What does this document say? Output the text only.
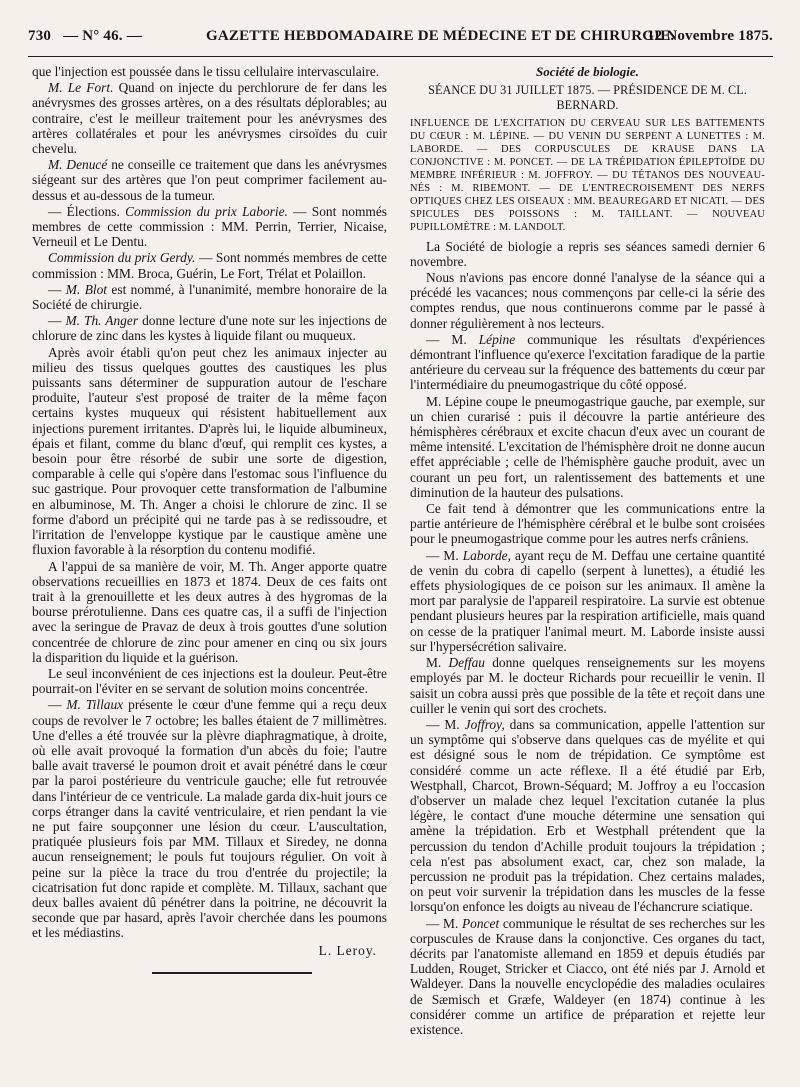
730 — N° 46. —	GAZETTE HEBDOMADAIRE DE MÉDECINE ET DE CHIRURGIE.
12 Novembre 1875.

que l'injection est poussée dans le tissu cellulaire intervasculaire.

M. Le Fort. Quand on injecte du perchlorure de fer dans les anévrysmes des grosses artères, on a des résultats déplorables; au contraire, c'est le meilleur traitement pour les anévrysmes des artères collatérales et pour les anévrysmes cirsoïdes du cuir chevelu.

M. Denucé ne conseille ce traitement que dans les anévrysmes siégeant sur des artères que l'on peut comprimer facilement au-dessus et au-dessous de la tumeur.

— Élections. Commission du prix Laborie. — Sont nommés membres de cette commission : MM. Perrin, Terrier, Nicaise, Verneuil et Le Dentu.

Commission du prix Gerdy. — Sont nommés membres de cette commission : MM. Broca, Guérin, Le Fort, Trélat et Polaillon.

— M. Blot est nommé, à l'unanimité, membre honoraire de la Société de chirurgie.

— M. Th. Anger donne lecture d'une note sur les injections de chlorure de zinc dans les kystes à liquide filant ou muqueux.

Après avoir établi qu'on peut chez les animaux injecter au milieu des tissus quelques gouttes des caustiques les plus puissants sans déterminer de suppuration autour de l'eschare produite, l'auteur s'est proposé de traiter de la même façon certains kystes muqueux qui résistent habituellement aux injections purement irritantes. D'après lui, le liquide albumineux, épais et filant, comme du blanc d'œuf, qui remplit ces kystes, a besoin pour être résorbé de subir une sorte de digestion, comparable à celle qui s'opère dans l'estomac sous l'influence du suc gastrique. Pour provoquer cette transformation de l'albumine en albuminose, M. Th. Anger a choisi le chlorure de zinc. Il se forme d'abord un précipité qui ne tarde pas à se redissoudre, et l'irritation de l'enveloppe kystique par le caustique amène une fluxion favorable à la résorption du contenu modifié.

A l'appui de sa manière de voir, M. Th. Anger apporte quatre observations recueillies en 1873 et 1874. Deux de ces faits ont trait à la grenouillette et les deux autres à des hygromas de la bourse prérotulienne. Dans ces quatre cas, il a suffi de l'injection avec la seringue de Pravaz de deux à trois gouttes d'une solution concentrée de chlorure de zinc pour amener en cinq ou six jours la disparition du liquide et la guérison.

Le seul inconvénient de ces injections est la douleur. Peut-être pourrait-on l'éviter en se servant de solution moins concentrée.

— M. Tillaux présente le cœur d'une femme qui a reçu deux coups de revolver le 7 octobre; les balles étaient de 7 millimètres. Une d'elles a été trouvée sur la plèvre diaphragmatique, à droite, où elle avait provoqué la formation d'un abcès du foie; l'autre balle avait traversé le poumon droit et avait pénétré dans le cœur par la paroi postérieure du ventricule gauche; elle fut retrouvée dans l'intérieur de ce ventricule. La malade garda dix-huit jours ce corps étranger dans la cavité ventriculaire, et rien pendant la vie ne put faire soupçonner une lésion du cœur. L'auscultation, pratiquée plusieurs fois par MM. Tillaux et Siredey, ne donna aucun renseignement; le pouls fut toujours régulier. On voit à peine sur la pièce la trace du trou d'entrée du projectile; la cicatrisation fut donc rapide et complète. M. Tillaux, sachant que deux balles avaient dû pénétrer dans la poitrine, ne découvrit la seconde que par hasard, après l'avoir cherchée dans les poumons et les médiastins.

L. Leroy.
Société de biologie.
SÉANCE DU 31 JUILLET 1875. — PRÉSIDENCE DE M. CL. BERNARD.
INFLUENCE DE L'EXCITATION DU CERVEAU SUR LES BATTEMENTS DU CŒUR : M. LÉPINE. — DU VENIN DU SERPENT A LUNETTES : M. LABORDE. — DES CORPUSCULES DE KRAUSE DANS LA CONJONCTIVE : M. PONCET. — DE LA TRÉPIDATION ÉPILEPTOÏDE DU MEMBRE INFÉRIEUR : M. JOFFROY. — DU TÉTANOS DES NOUVEAU-NÉS : M. RIBEMONT. — DE L'ENTRECROISEMENT DES NERFS OPTIQUES CHEZ LES OISEAUX : MM. BEAUREGARD ET NICATI. — DES SPICULES DES POISSONS : M. TAILLANT. — NOUVEAU PUPILLOMÈTRE : M. LANDOLT.

La Société de biologie a repris ses séances samedi dernier 6 novembre.

Nous n'avions pas encore donné l'analyse de la séance qui a précédé les vacances; nous commençons par celle-ci la série des comptes rendus, que nous continuerons comme par le passé à donner régulièrement à nos lecteurs.

— M. Lépine communique les résultats d'expériences démontrant l'influence qu'exerce l'excitation faradique de la partie antérieure du cerveau sur la fréquence des battements du cœur par l'intermédiaire du pneumogastrique du côté opposé.

M. Lépine coupe le pneumogastrique gauche, par exemple, sur un chien curarisé : puis il découvre la partie antérieure des hémisphères cérébraux et excite chacun d'eux avec un courant de même intensité. L'excitation de l'hémisphère droit ne donne aucun effet appréciable ; celle de l'hémisphère gauche produit, avec un courant un peu fort, un ralentissement des battements et une diminution de la hauteur des pulsations.

Ce fait tend à démontrer que les communications entre la partie antérieure de l'hémisphère cérébral et le bulbe sont croisées pour le pneumogastrique comme pour les autres nerfs crâniens.

— M. Laborde, ayant reçu de M. Deffau une certaine quantité de venin du cobra di capello (serpent à lunettes), a étudié les effets physiologiques de ce poison sur les animaux. Il amène la mort par paralysie de l'appareil respiratoire. La survie est obtenue pendant plusieurs heures par la respiration artificielle, mais quand on cesse de la pratiquer l'animal meurt. M. Laborde insiste aussi sur l'hypersécrétion salivaire.

M. Deffau donne quelques renseignements sur les moyens employés par M. le docteur Richards pour recueillir le venin. Il saisit un cobra aussi près que possible de la tête et reçoit dans une cuiller le venin qui sort des crochets.

— M. Joffroy, dans sa communication, appelle l'attention sur un symptôme qui s'observe dans quelques cas de myélite et qui est désigné sous le nom de trépidation. Ce symptôme est considéré comme un acte réflexe. Il a été étudié par Erb, Westphall, Charcot, Brown-Séquard; M. Joffroy a eu l'occasion d'observer un malade chez lequel l'excitation cutanée la plus légère, le contact d'une mouche détermine une sensation qui amène la trépidation. Erb et Westphall prétendent que la percussion du tendon d'Achille produit toujours la trépidation ; cela n'est pas absolument exact, car, chez son malade, la percussion ne produit pas la trépidation. Chez certains malades, on peut voir survenir la trépidation dans les muscles de la fesse lorsqu'on enfonce les doigts au niveau de l'échancrure sciatique.

— M. Poncet communique le résultat de ses recherches sur les corpuscules de Krause dans la conjonctive. Ces organes du tact, décrits par l'anatomiste allemand en 1859 et depuis étudiés par Ludden, Rouget, Stricker et Ciacco, ont été niés par J. Arnold et Waldeyer. Dans la nouvelle encyclopédie des maladies oculaires de Sæmisch et Græfe, Waldeyer (en 1874) continue à les considérer comme un artifice de préparation et rejette leur existence.
